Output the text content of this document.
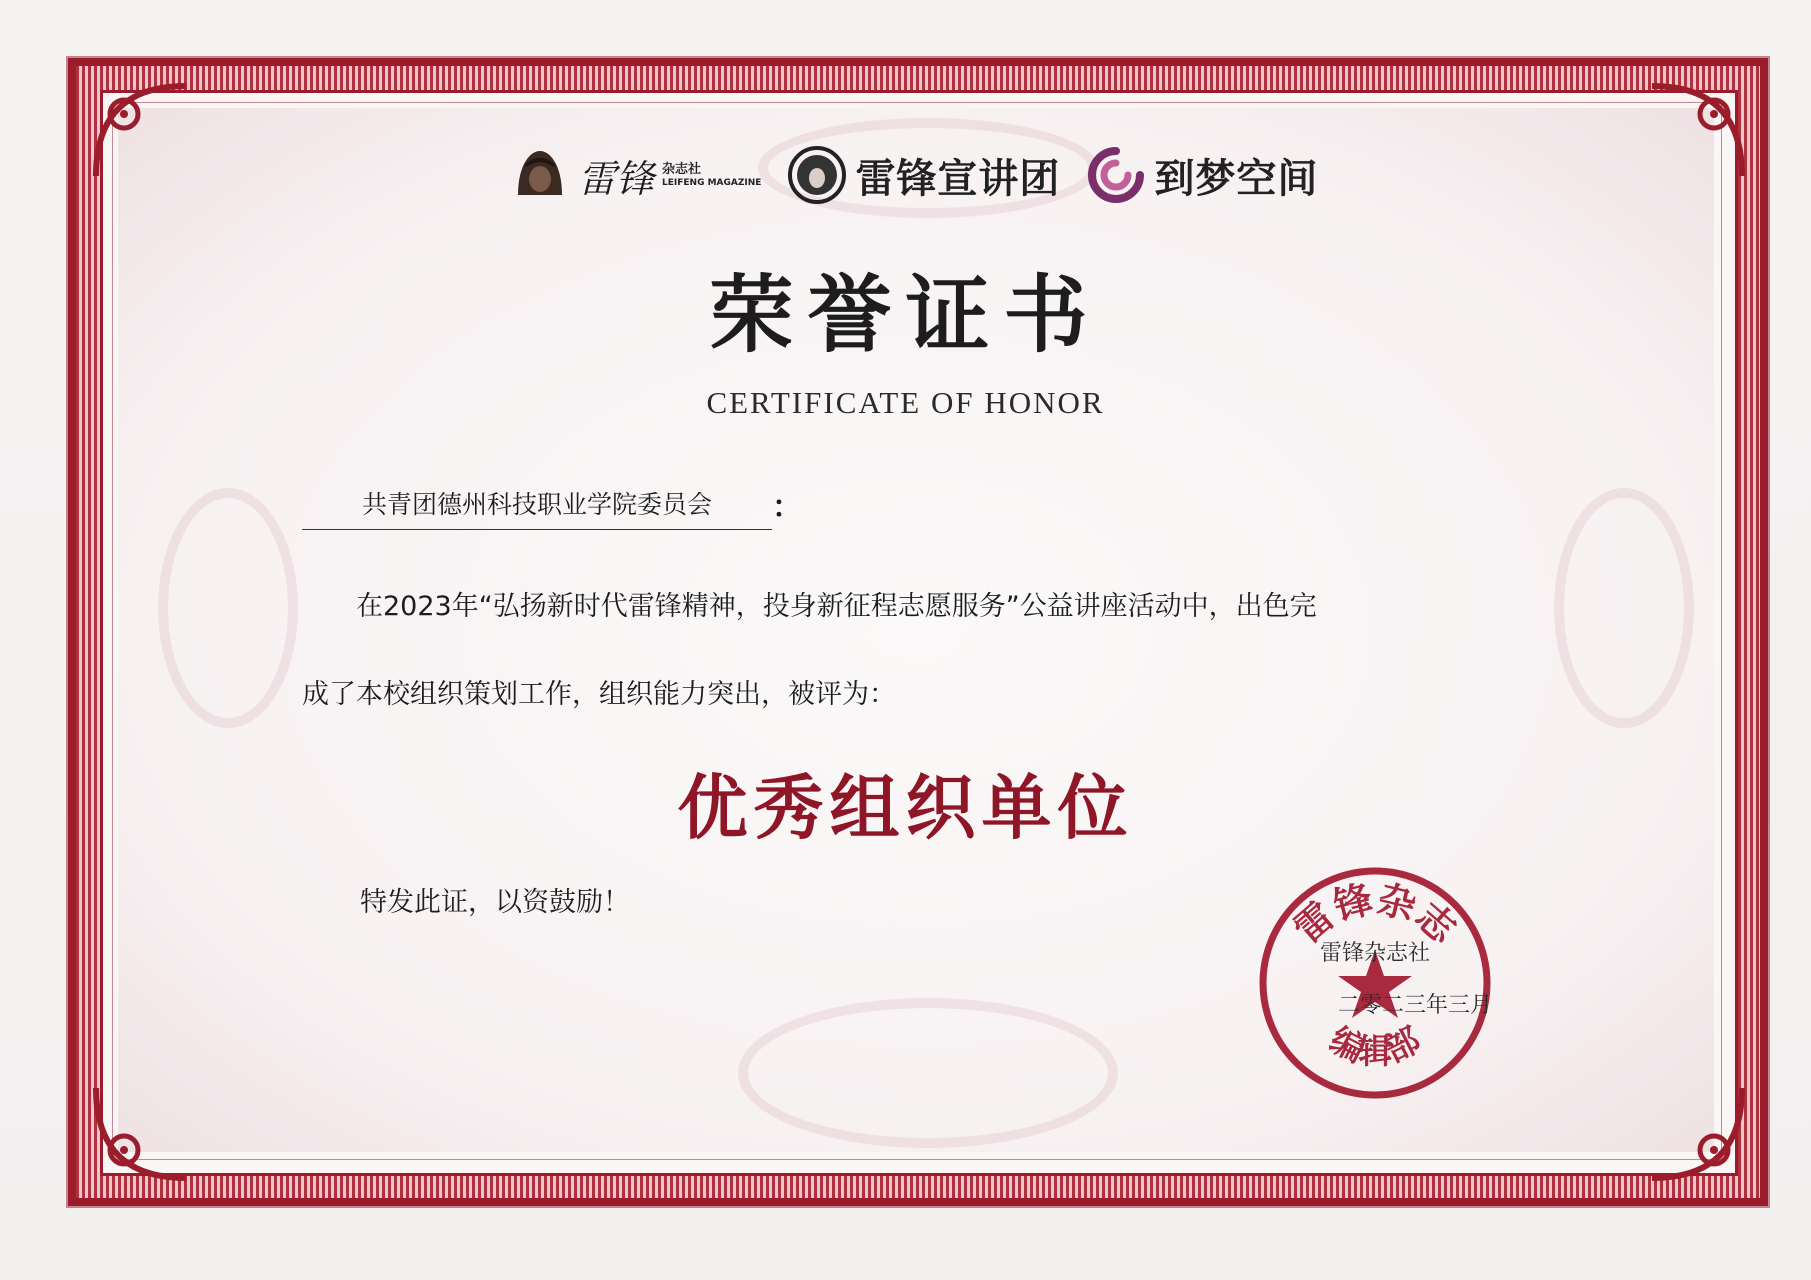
雷锋 杂志社
LEIFENG MAGAZINE 雷锋宣讲团 到梦空间
荣誉证书
CERTIFICATE OF HONOR
共青团德州科技职业学院委员会	：
在2023年“弘扬新时代雷锋精神，投身新征程志愿服务”公益讲座活动中，出色完
成了本校组织策划工作，组织能力突出，被评为：
优秀组织单位
特发此证，以资鼓励！	雷锋杂志
编辑部
雷锋杂志社
二零二三年三月
